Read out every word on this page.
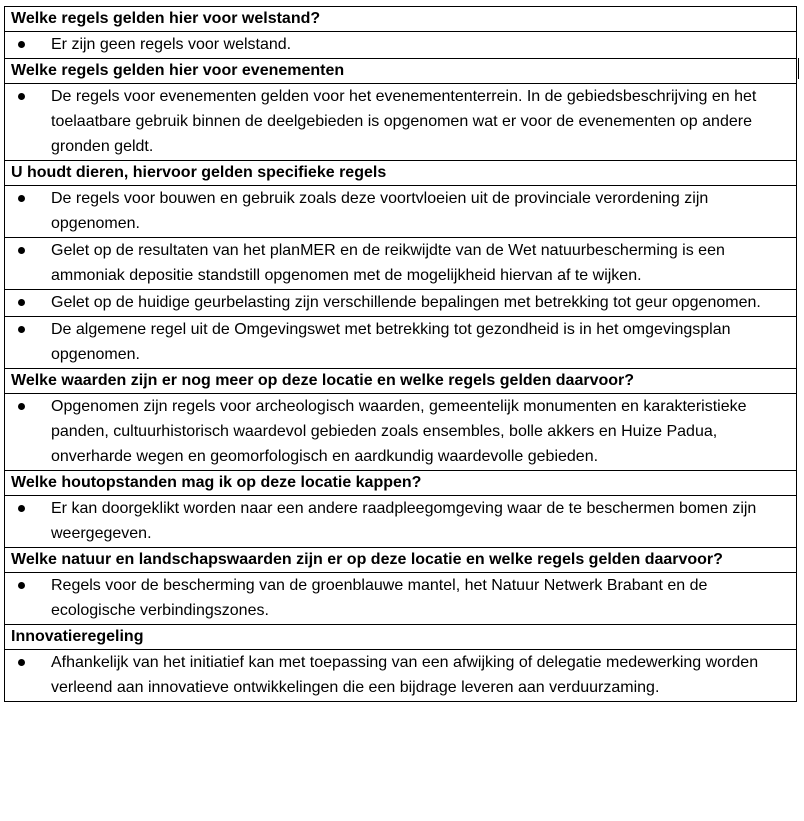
Welke regels gelden hier voor welstand?

Er zijn geen regels voor welstand.

Welke regels gelden hier voor evenementen

De regels voor evenementen gelden voor het evenemententerrein. In de gebiedsbeschrijving en het toelaatbare gebruik binnen de deelgebieden is opgenomen wat er voor de evenementen op andere gronden geldt.

U houdt dieren, hiervoor gelden specifieke regels

De regels voor bouwen en gebruik zoals deze voortvloeien uit de provinciale verordening zijn opgenomen.

Gelet op de resultaten van het planMER en de reikwijdte van de Wet natuurbescherming is een ammoniak depositie standstill opgenomen met de mogelijkheid hiervan af te wijken.

Gelet op de huidige geurbelasting zijn verschillende bepalingen met betrekking tot geur opgenomen.

De algemene regel uit de Omgevingswet met betrekking tot gezondheid is in het omgevingsplan opgenomen.

Welke waarden zijn er nog meer op deze locatie en welke regels gelden daarvoor?

Opgenomen zijn regels voor archeologisch waarden, gemeentelijk monumenten en karakteristieke panden, cultuurhistorisch waardevol gebieden zoals ensembles, bolle akkers en Huize Padua, onverharde wegen en geomorfologisch en aardkundig waardevolle gebieden.

Welke houtopstanden mag ik op deze locatie kappen?

Er kan doorgeklikt worden naar een andere raadpleegomgeving waar de te beschermen bomen zijn weergegeven.

Welke natuur en landschapswaarden zijn er op deze locatie en welke regels gelden daarvoor?

Regels voor de bescherming van de groenblauwe mantel, het Natuur Netwerk Brabant en de ecologische verbindingszones.

Innovatieregeling

Afhankelijk van het initiatief kan met toepassing van een afwijking of delegatie medewerking worden verleend aan innovatieve ontwikkelingen die een bijdrage leveren aan verduurzaming.
